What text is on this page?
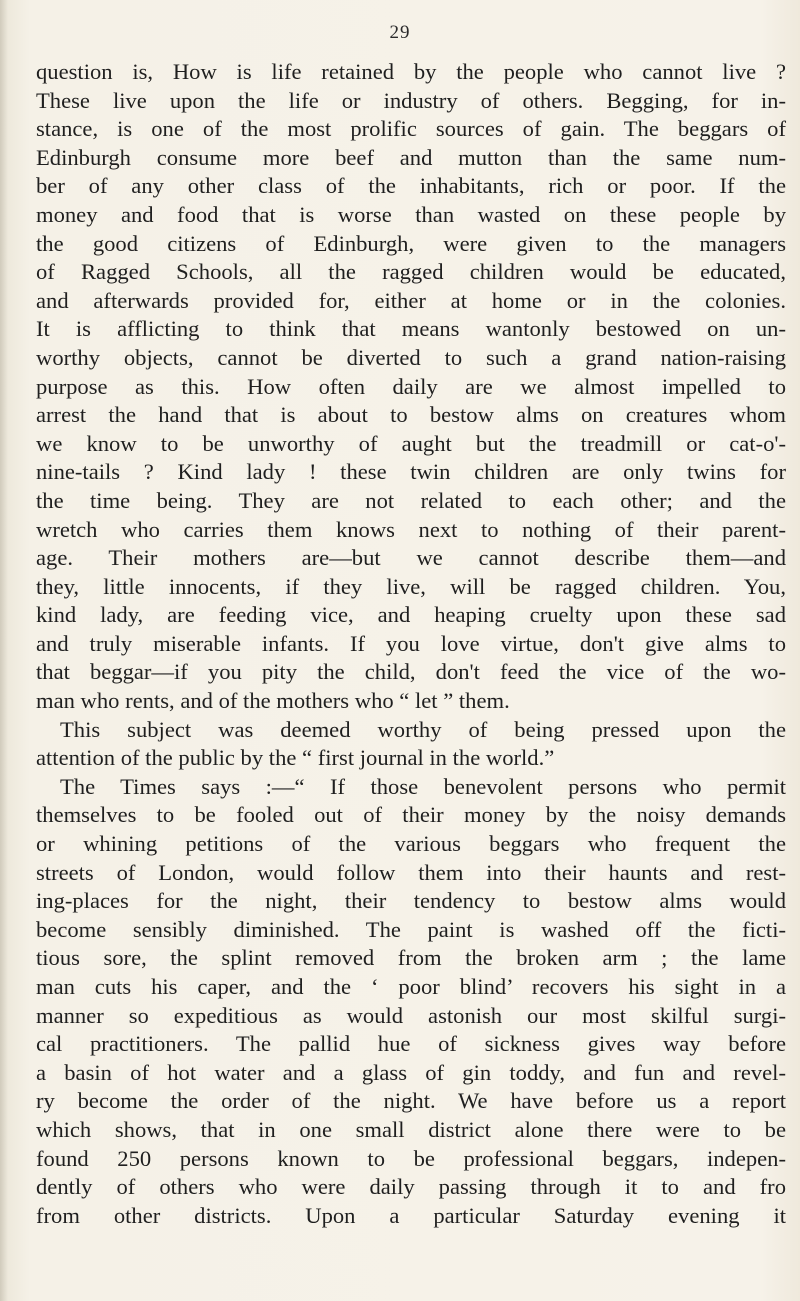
29
question is, How is life retained by the people who cannot live ?
These live upon the life or industry of others. Begging, for in-
stance, is one of the most prolific sources of gain. The beggars of
Edinburgh consume more beef and mutton than the same num-
ber of any other class of the inhabitants, rich or poor. If the
money and food that is worse than wasted on these people by
the good citizens of Edinburgh, were given to the managers
of Ragged Schools, all the ragged children would be educated,
and afterwards provided for, either at home or in the colonies.
It is afflicting to think that means wantonly bestowed on un-
worthy objects, cannot be diverted to such a grand nation-raising
purpose as this. How often daily are we almost impelled to
arrest the hand that is about to bestow alms on creatures whom
we know to be unworthy of aught but the treadmill or cat-o'-
nine-tails ? Kind lady ! these twin children are only twins for
the time being. They are not related to each other; and the
wretch who carries them knows next to nothing of their parent-
age. Their mothers are—but we cannot describe them—and
they, little innocents, if they live, will be ragged children. You,
kind lady, are feeding vice, and heaping cruelty upon these sad
and truly miserable infants. If you love virtue, don't give alms to
that beggar—if you pity the child, don't feed the vice of the wo-
man who rents, and of the mothers who “ let ” them.
This subject was deemed worthy of being pressed upon the
attention of the public by the “ first journal in the world.”
The Times says :—“ If those benevolent persons who permit
themselves to be fooled out of their money by the noisy demands
or whining petitions of the various beggars who frequent the
streets of London, would follow them into their haunts and rest-
ing-places for the night, their tendency to bestow alms would
become sensibly diminished. The paint is washed off the ficti-
tious sore, the splint removed from the broken arm ; the lame
man cuts his caper, and the ‘ poor blind’ recovers his sight in a
manner so expeditious as would astonish our most skilful surgi-
cal practitioners. The pallid hue of sickness gives way before
a basin of hot water and a glass of gin toddy, and fun and revel-
ry become the order of the night. We have before us a report
which shows, that in one small district alone there were to be
found 250 persons known to be professional beggars, indepen-
dently of others who were daily passing through it to and fro
from other districts. Upon a particular Saturday evening it
